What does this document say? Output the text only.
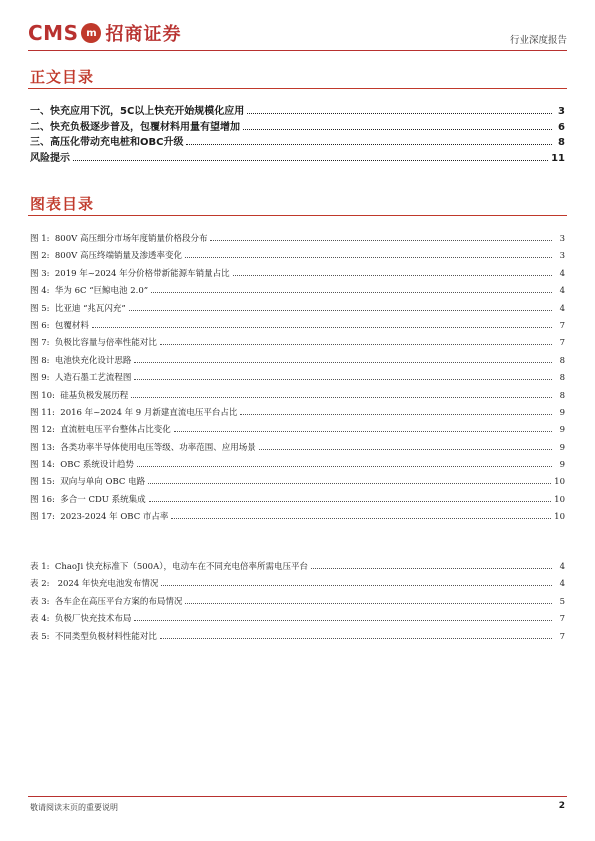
CMS m 招商证券	行业深度报告
正文目录
一、快充应用下沉，5C以上快充开始规模化应用	3
二、快充负极逐步普及，包覆材料用量有望增加	6
三、高压化带动充电桩和OBC升级	8
风险提示	11
图表目录
图 1:  800V 高压细分市场年度销量价格段分布	3
图 2:  800V 高压终端销量及渗透率变化	3
图 3:  2019 年~2024 年分价格带新能源车销量占比	4
图 4:  华为 6C “巨鲸电池 2.0”	4
图 5:  比亚迪 “兆瓦闪充”	4
图 6:  包覆材料	7
图 7:  负极比容量与倍率性能对比	7
图 8:  电池快充化设计思路	8
图 9:  人造石墨工艺流程图	8
图 10:  硅基负极发展历程	8
图 11:  2016 年~2024 年 9 月新建直流电压平台占比	9
图 12:  直流桩电压平台整体占比变化	9
图 13:  各类功率半导体使用电压等级、功率范围、应用场景	9
图 14:  OBC 系统设计趋势	9
图 15:  双向与单向 OBC 电路	10
图 16:  多合一 CDU 系统集成	10
图 17:  2023-2024 年 OBC 市占率	10
表 1:  ChaoJi 快充标准下（500A），电动车在不同充电倍率所需电压平台	4
表 2:   2024 年快充电池发布情况	4
表 3:  各车企在高压平台方案的布局情况	5
表 4:  负极厂快充技术布局	7
表 5:  不同类型负极材料性能对比	7
敬请阅读末页的重要说明	2
